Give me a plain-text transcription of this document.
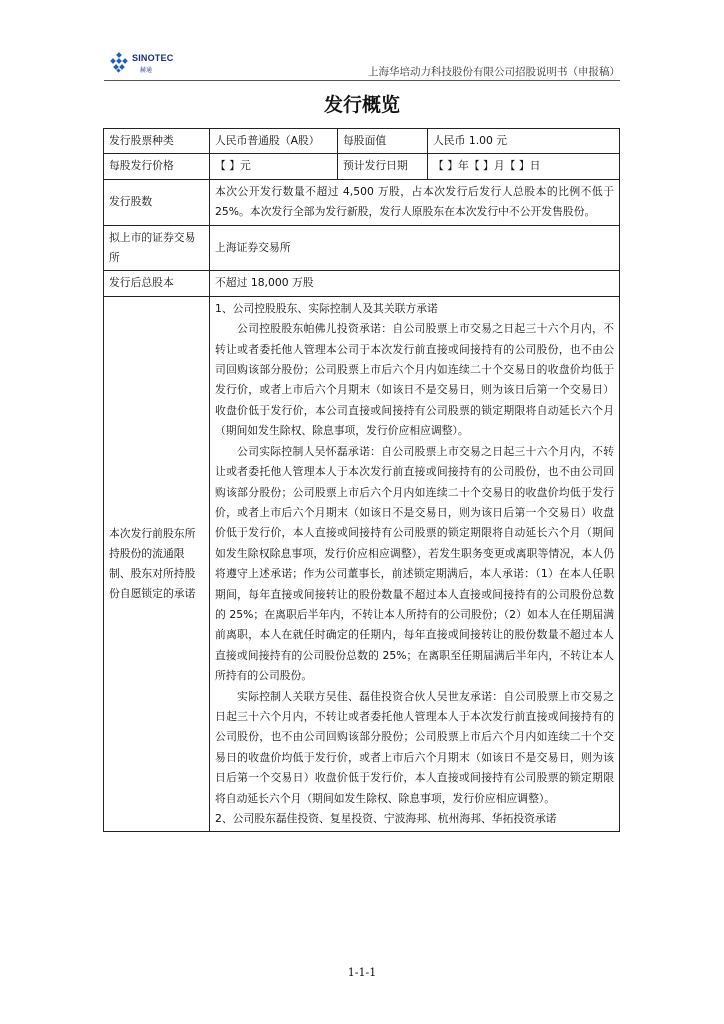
SINOTEC
赫通	上海华培动力科技股份有限公司招股说明书（申报稿）
发行概览
发行股票种类	人民币普通股（A股）	每股面值	人民币 1.00 元
每股发行价格	【 】元	预计发行日期	【 】年【 】月【 】日
发行股数	本次公开发行数量不超过 4,500 万股，占本次发行后发行人总股本的比例不低于 25%。本次发行全部为发行新股，发行人原股东在本次发行中不公开发售股份。		

拟上市的证券交易所	上海证券交易所		
发行后总股本	不超过 18,000 万股		
本次发行前股东所持股份的流通限制、股东对所持股份自愿锁定的承诺	1、公司控股股东、实际控制人及其关联方承诺

公司控股股东帕佛儿投资承诺：自公司股票上市交易之日起三十六个月内，不转让或者委托他人管理本公司于本次发行前直接或间接持有的公司股份，也不由公司回购该部分股份；公司股票上市后六个月内如连续二十个交易日的收盘价均低于发行价，或者上市后六个月期末（如该日不是交易日，则为该日后第一个交易日）收盘价低于发行价，本公司直接或间接持有公司股票的锁定期限将自动延长六个月（期间如发生除权、除息事项，发行价应相应调整）。

公司实际控制人吴怀磊承诺：自公司股票上市交易之日起三十六个月内，不转让或者委托他人管理本人于本次发行前直接或间接持有的公司股份，也不由公司回购该部分股份；公司股票上市后六个月内如连续二十个交易日的收盘价均低于发行价，或者上市后六个月期末（如该日不是交易日，则为该日后第一个交易日）收盘价低于发行价，本人直接或间接持有公司股票的锁定期限将自动延长六个月（期间如发生除权除息事项，发行价应相应调整），若发生职务变更或离职等情况，本人仍将遵守上述承诺；作为公司董事长，前述锁定期满后，本人承诺：（1）在本人任职期间，每年直接或间接转让的股份数量不超过本人直接或间接持有的公司股份总数的 25%；在离职后半年内，不转让本人所持有的公司股份；（2）如本人在任期届满前离职，本人在就任时确定的任期内，每年直接或间接转让的股份数量不超过本人直接或间接持有的公司股份总数的 25%；在离职至任期届满后半年内，不转让本人所持有的公司股份。

实际控制人关联方吴佳、磊佳投资合伙人吴世友承诺：自公司股票上市交易之日起三十六个月内，不转让或者委托他人管理本人于本次发行前直接或间接持有的公司股份，也不由公司回购该部分股份；公司股票上市后六个月内如连续二十个交易日的收盘价均低于发行价，或者上市后六个月期末（如该日不是交易日，则为该日后第一个交易日）收盘价低于发行价，本人直接或间接持有公司股票的锁定期限将自动延长六个月（期间如发生除权、除息事项，发行价应相应调整）。

2、公司股东磊佳投资、复星投资、宁波海邦、杭州海邦、华拓投资承诺		

1-1-1
